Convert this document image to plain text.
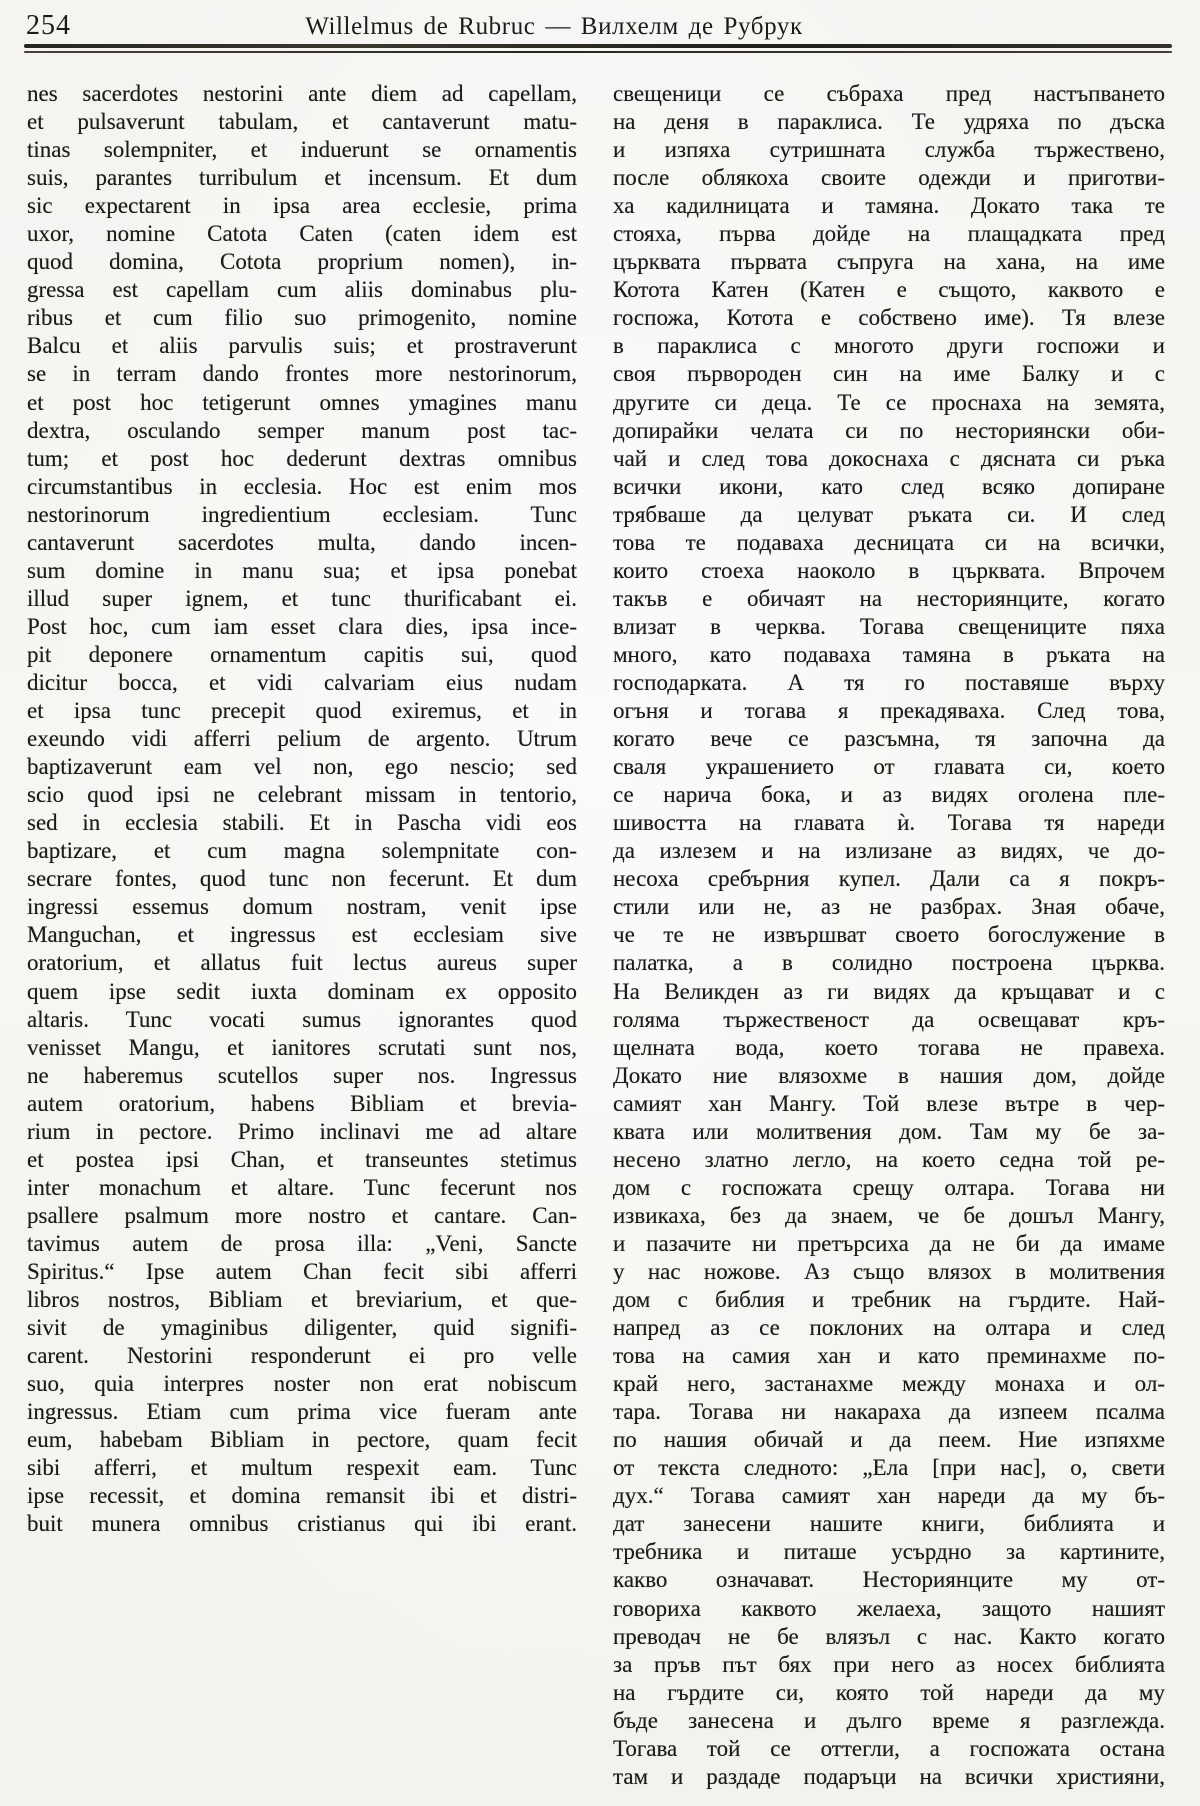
254	Willelmus de Rubruc — Вилхелм де Рубрук
nes sacerdotes nestorini ante diem ad capellam,
et pulsaverunt tabulam, et cantaverunt matu-
tinas solempniter, et induerunt se ornamentis
suis, parantes turribulum et incensum. Et dum
sic expectarent in ipsa area ecclesie, prima
uxor, nomine Catota Caten (caten idem est
quod domina, Cotota proprium nomen), in-
gressa est capellam cum aliis dominabus plu-
ribus et cum filio suo primogenito, nomine
Balcu et aliis parvulis suis; et prostraverunt
se in terram dando frontes more nestorinorum,
et post hoc tetigerunt omnes ymagines manu
dextra, osculando semper manum post tac-
tum; et post hoc dederunt dextras omnibus
circumstantibus in ecclesia. Hoc est enim mos
nestorinorum ingredientium ecclesiam. Tunc
cantaverunt sacerdotes multa, dando incen-
sum domine in manu sua; et ipsa ponebat
illud super ignem, et tunc thurificabant ei.
Post hoc, cum iam esset clara dies, ipsa ince-
pit deponere ornamentum capitis sui, quod
dicitur bocca, et vidi calvariam eius nudam
et ipsa tunc precepit quod exiremus, et in
exeundo vidi afferri pelium de argento. Utrum
baptizaverunt eam vel non, ego nescio; sed
scio quod ipsi ne celebrant missam in tentorio,
sed in ecclesia stabili. Et in Pascha vidi eos
baptizare, et cum magna solempnitate con-
secrare fontes, quod tunc non fecerunt. Et dum
ingressi essemus domum nostram, venit ipse
Manguchan, et ingressus est ecclesiam sive
oratorium, et allatus fuit lectus aureus super
quem ipse sedit iuxta dominam ex opposito
altaris. Tunc vocati sumus ignorantes quod
venisset Mangu, et ianitores scrutati sunt nos,
ne haberemus scutellos super nos. Ingressus
autem oratorium, habens Bibliam et brevia-
rium in pectore. Primo inclinavi me ad altare
et postea ipsi Chan, et transeuntes stetimus
inter monachum et altare. Tunc fecerunt nos
psallere psalmum more nostro et cantare. Can-
tavimus autem de prosa illa: „Veni, Sancte
Spiritus.“ Ipse autem Chan fecit sibi afferri
libros nostros, Bibliam et breviarium, et que-
sivit de ymaginibus diligenter, quid signifi-
carent. Nestorini responderunt ei pro velle
suo, quia interpres noster non erat nobiscum
ingressus. Etiam cum prima vice fueram ante
eum, habebam Bibliam in pectore, quam fecit
sibi afferri, et multum respexit eam. Tunc
ipse recessit, et domina remansit ibi et distri-
buit munera omnibus cristianus qui ibi erant.
свещеници се събраха пред настъпването
на деня в параклиса. Те удряха по дъска
и изпяха сутришната служба тържествено,
после облякоха своите одежди и приготви-
ха кадилницата и тамяна. Докато така те
стояха, първа дойде на плащадката пред
църквата първата съпруга на хана, на име
Котота Катен (Катен е същото, каквото е
госпожа, Котота е собствено име). Тя влезе
в параклиса с многото други госпожи и
своя първороден син на име Балку и с
другите си деца. Те се проснаха на земята,
допирайки челата си по несториянски оби-
чай и след това докоснаха с дясната си ръка
всички икони, като след всяко допиране
трябваше да целуват ръката си. И след
това те подаваха десницата си на всички,
които стоеха наоколо в църквата. Впрочем
такъв е обичаят на несториянците, когато
влизат в черква. Тогава свещениците пяха
много, като подаваха тамяна в ръката на
господарката. А тя го поставяше върху
огъня и тогава я прекадяваха. След това,
когато вече се разсъмна, тя започна да
сваля украшението от главата си, което
се нарича бока, и аз видях оголена пле-
шивостта на главата ѝ. Тогава тя нареди
да излезем и на излизане аз видях, че до-
несоха сребърния купел. Дали са я покръ-
стили или не, аз не разбрах. Зная обаче,
че те не извършват своето богослужение в
палатка, а в солидно построена църква.
На Великден аз ги видях да кръщават и с
голяма тържественост да освещават кръ-
щелната вода, което тогава не правеха.
Докато ние влязохме в нашия дом, дойде
самият хан Мангу. Той влезе вътре в чер-
квата или молитвения дом. Там му бе за-
несено златно легло, на което седна той ре-
дом с госпожата срещу олтара. Тогава ни
извикаха, без да знаем, че бе дошъл Мангу,
и пазачите ни претърсиха да не би да имаме
у нас ножове. Аз също влязох в молитвения
дом с библия и требник на гърдите. Най-
напред аз се поклоних на олтара и след
това на самия хан и като преминахме по-
край него, застанахме между монаха и ол-
тара. Тогава ни накараха да изпеем псалма
по нашия обичай и да пеем. Ние изпяхме
от текста следното: „Ела [при нас], о, свети
дух.“ Тогава самият хан нареди да му бъ-
дат занесени нашите книги, библията и
требника и питаше усърдно за картините,
какво означават. Несториянците му от-
говориха каквото желаеха, защото нашият
преводач не бе влязъл с нас. Както когато
за пръв път бях при него аз носех библията
на гърдите си, която той нареди да му
бъде занесена и дълго време я разглежда.
Тогава той се оттегли, а госпожата остана
там и раздаде подаръци на всички християни,
